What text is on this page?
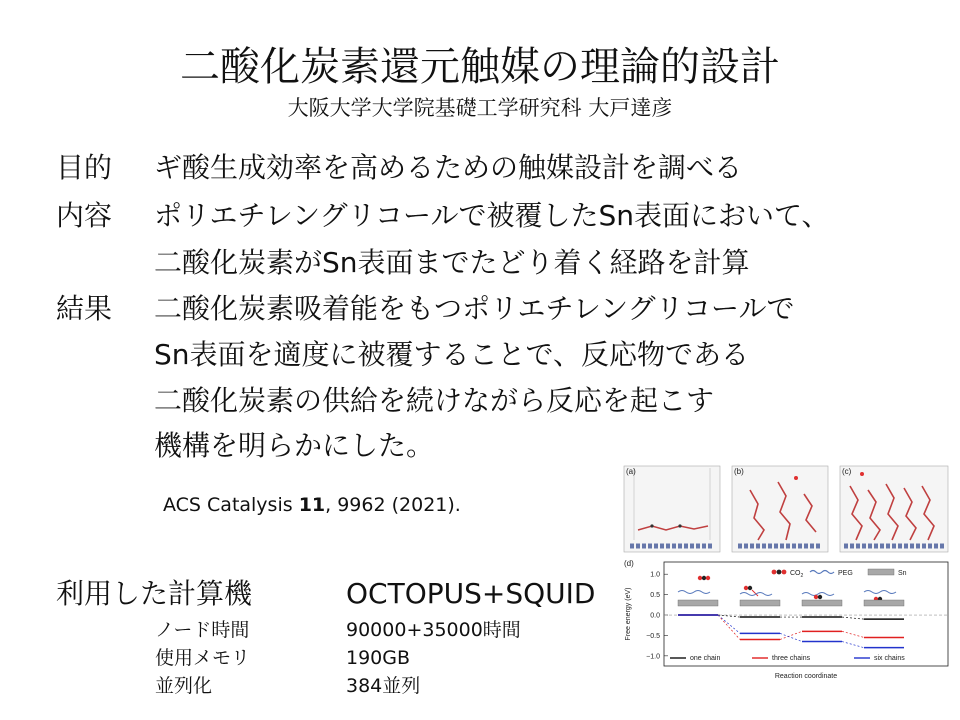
二酸化炭素還元触媒の理論的設計
大阪大学大学院基礎工学研究科 大戸達彦
目的 ギ酸生成効率を高めるための触媒設計を調べる
内容 ポリエチレングリコールで被覆したSn表面において、
二酸化炭素がSn表面までたどり着く経路を計算
結果 二酸化炭素吸着能をもつポリエチレングリコールで
Sn表面を適度に被覆することで、反応物である
二酸化炭素の供給を続けながら反応を起こす
機構を明らかにした。
ACS Catalysis 11, 9962 (2021).
利用した計算機	OCTOPUS+SQUID
ノード時間	90000+35000時間
使用メモリ	190GB
並列化	384並列
(a)	(b)	(c)
(d)
Free energy (eV)
Reaction coordinate
1.0
0.5
0.0
−0.5
−1.0
$CO_2$	PEG	Sn
one chain	three chains	six chains
